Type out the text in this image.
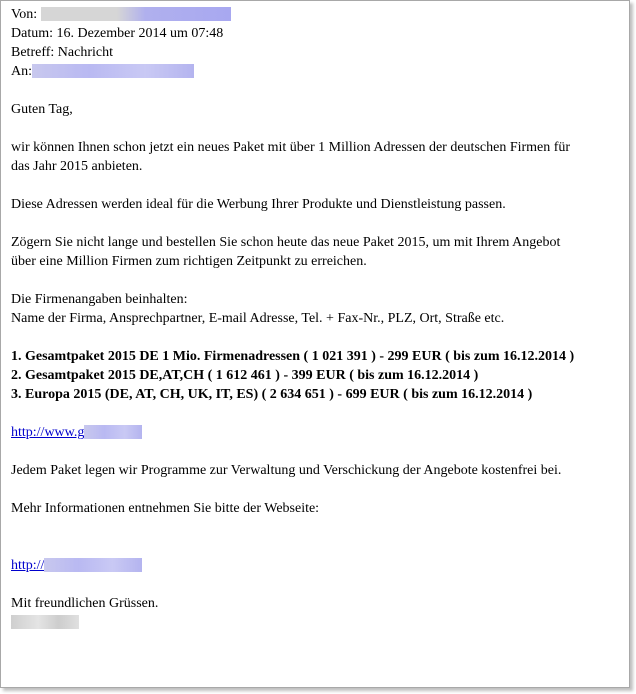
Von:
Datum: 16. Dezember 2014 um 07:48
Betreff: Nachricht
An:
Guten Tag,
wir können Ihnen schon jetzt ein neues Paket mit über 1 Million Adressen der deutschen Firmen für das Jahr 2015 anbieten.
Diese Adressen werden ideal für die Werbung Ihrer Produkte und Dienstleistung passen.
Zögern Sie nicht lange und bestellen Sie schon heute das neue Paket 2015, um mit Ihrem Angebot über eine Million Firmen zum richtigen Zeitpunkt zu erreichen.
Die Firmenangaben beinhalten:
Name der Firma, Ansprechpartner, E-mail Adresse, Tel. + Fax-Nr., PLZ, Ort, Straße etc.
1. Gesamtpaket 2015 DE 1 Mio. Firmenadressen ( 1 021 391 ) - 299 EUR ( bis zum 16.12.2014 )
2. Gesamtpaket 2015 DE,AT,CH ( 1 612 461 ) - 399 EUR ( bis zum 16.12.2014 )
3. Europa 2015 (DE, AT, CH, UK, IT, ES) ( 2 634 651 ) - 699 EUR ( bis zum 16.12.2014 )
http://www.g
Jedem Paket legen wir Programme zur Verwaltung und Verschickung der Angebote kostenfrei bei.
Mehr Informationen entnehmen Sie bitte der Webseite:
http://
Mit freundlichen Grüssen.
